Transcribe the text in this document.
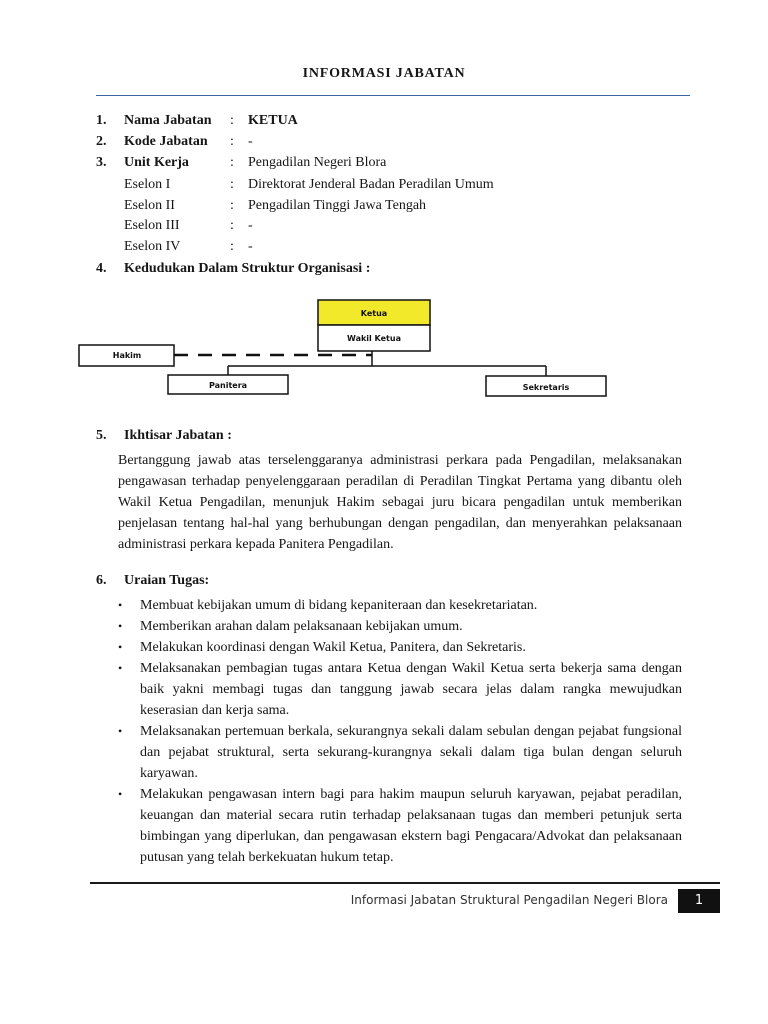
INFORMASI JABATAN
1. Nama Jabatan : KETUA
2. Kode Jabatan : -
3. Unit Kerja	: Pengadilan Negeri Blora
Eselon I	: Direktorat Jenderal Badan Peradilan Umum
Eselon II	: Pengadilan Tinggi Jawa Tengah
Eselon III	: -
Eselon IV	: -
4. Kedudukan Dalam Struktur Organisasi :
Ketua
Wakil Ketua
Hakim
Panitera	Sekretaris
5. Ikhtisar Jabatan :
Bertanggung jawab atas terselenggaranya administrasi perkara pada Pengadilan, melaksanakan pengawasan terhadap penyelenggaraan peradilan di Peradilan Tingkat Pertama yang dibantu oleh Wakil Ketua Pengadilan, menunjuk Hakim sebagai juru bicara pengadilan untuk memberikan penjelasan tentang hal-hal yang berhubungan dengan pengadilan, dan menyerahkan pelaksanaan administrasi perkara kepada Panitera Pengadilan.
6. Uraian Tugas:
• Membuat kebijakan umum di bidang kepaniteraan dan kesekretariatan.
• Memberikan arahan dalam pelaksanaan kebijakan umum.
• Melakukan koordinasi dengan Wakil Ketua, Panitera, dan Sekretaris.
• Melaksanakan pembagian tugas antara Ketua dengan Wakil Ketua serta bekerja sama dengan baik yakni membagi tugas dan tanggung jawab secara jelas dalam rangka mewujudkan keserasian dan kerja sama.
• Melaksanakan pertemuan berkala, sekurangnya sekali dalam sebulan dengan pejabat fungsional dan pejabat struktural, serta sekurang-kurangnya sekali dalam tiga bulan dengan seluruh karyawan.
• Melakukan pengawasan intern bagi para hakim maupun seluruh karyawan, pejabat peradilan, keuangan dan material secara rutin terhadap pelaksanaan tugas dan memberi petunjuk serta bimbingan yang diperlukan, dan pengawasan ekstern bagi Pengacara/Advokat dan pelaksanaan putusan yang telah berkekuatan hukum tetap.
Informasi Jabatan Struktural Pengadilan Negeri Blora	1
